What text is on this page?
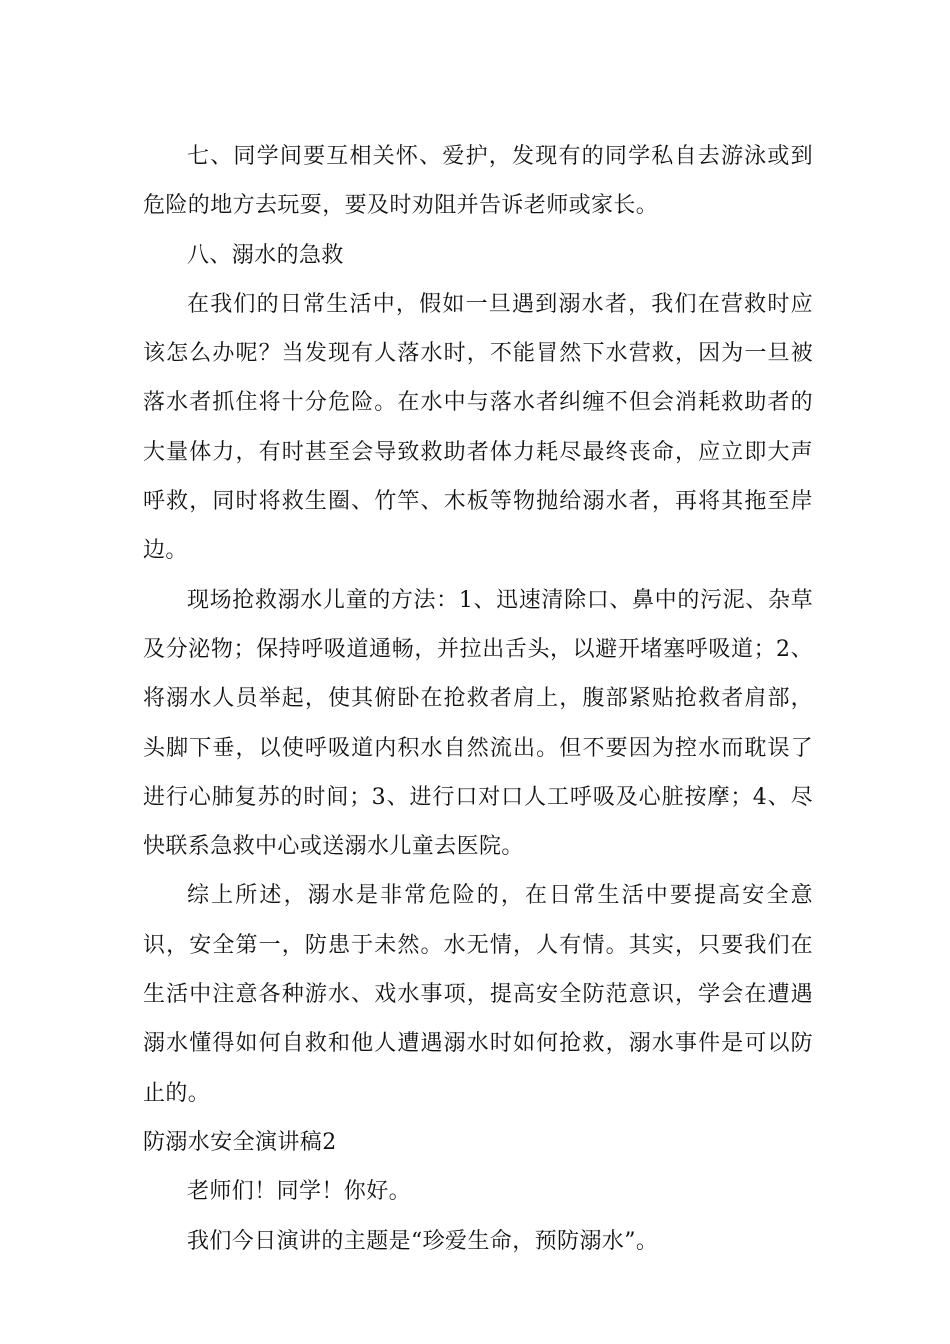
七、同学间要互相关怀、爱护，发现有的同学私自去游泳或到危险的地方去玩耍，要及时劝阻并告诉老师或家长。

八、溺水的急救

在我们的日常生活中，假如一旦遇到溺水者，我们在营救时应该怎么办呢？当发现有人落水时，不能冒然下水营救，因为一旦被落水者抓住将十分危险。在水中与落水者纠缠不但会消耗救助者的大量体力，有时甚至会导致救助者体力耗尽最终丧命，应立即大声呼救，同时将救生圈、竹竿、木板等物抛给溺水者，再将其拖至岸边。

现场抢救溺水儿童的方法：1、迅速清除口、鼻中的污泥、杂草及分泌物；保持呼吸道通畅，并拉出舌头，以避开堵塞呼吸道；2、将溺水人员举起，使其俯卧在抢救者肩上，腹部紧贴抢救者肩部，头脚下垂，以使呼吸道内积水自然流出。但不要因为控水而耽误了进行心肺复苏的时间；3、进行口对口人工呼吸及心脏按摩；4、尽快联系急救中心或送溺水儿童去医院。

综上所述，溺水是非常危险的，在日常生活中要提高安全意识，安全第一，防患于未然。水无情，人有情。其实，只要我们在生活中注意各种游水、戏水事项，提高安全防范意识，学会在遭遇溺水懂得如何自救和他人遭遇溺水时如何抢救，溺水事件是可以防止的。

防溺水安全演讲稿2

老师们！同学！你好。

我们今日演讲的主题是“珍爱生命，预防溺水”。
